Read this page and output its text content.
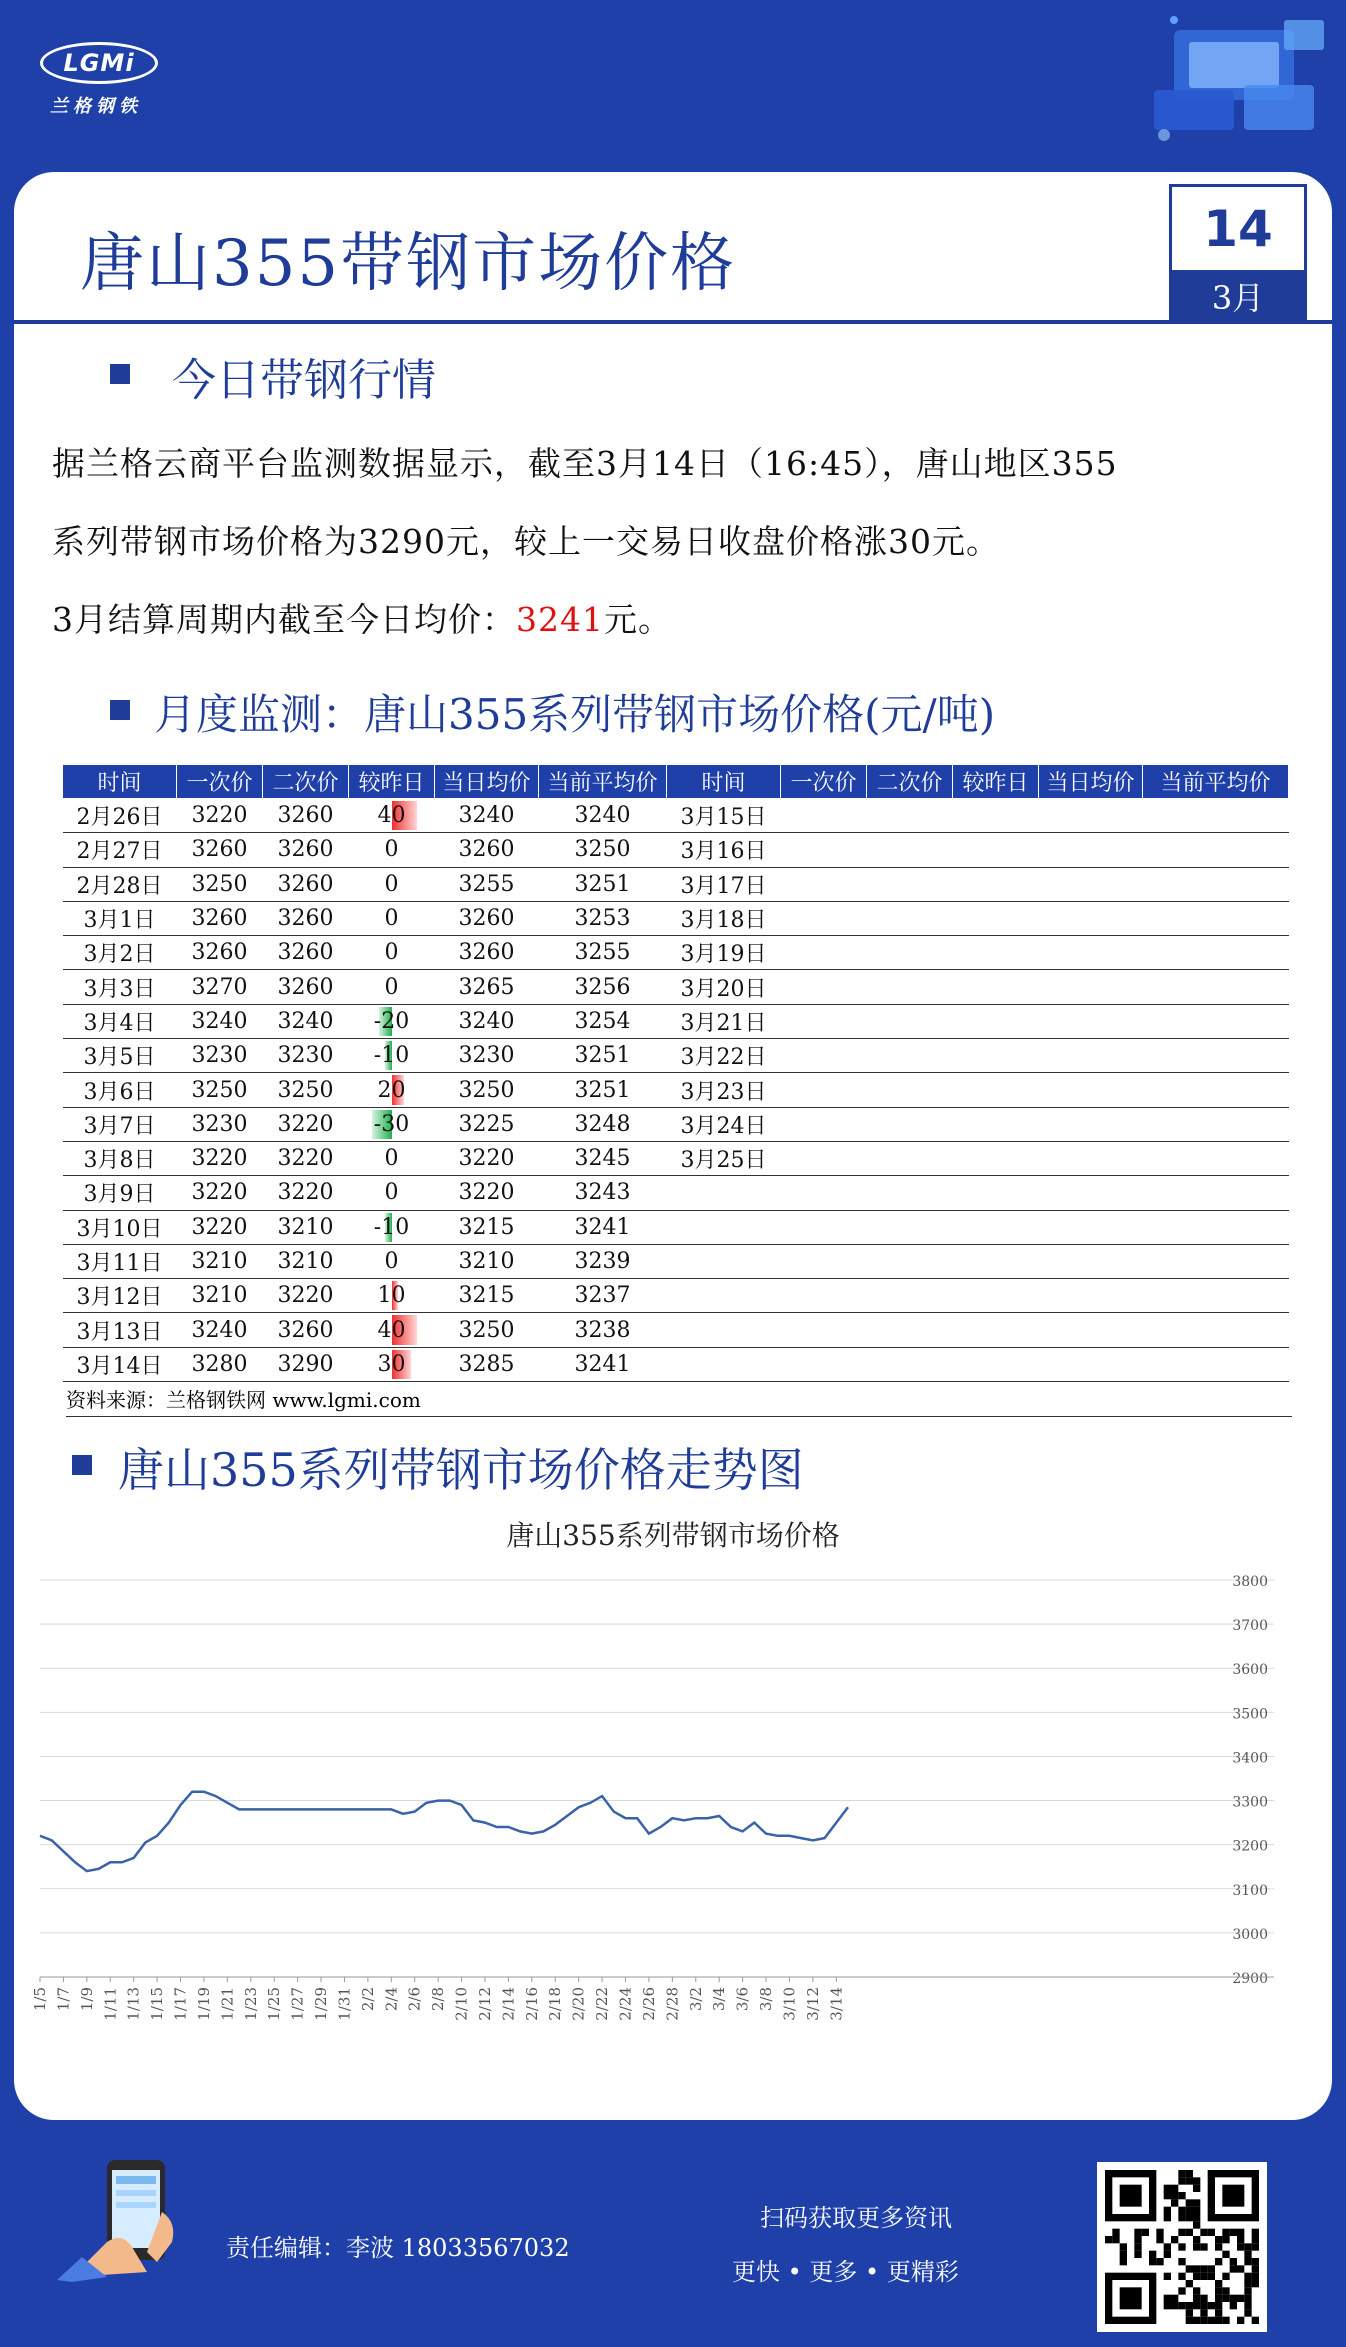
LGMi
兰格钢铁
唐山355带钢市场价格	14
3月
今日带钢行情
据兰格云商平台监测数据显示，截至3月14日（16:45），唐山地区355
系列带钢市场价格为3290元，较上一交易日收盘价格涨30元。
3月结算周期内截至今日均价：3241元。
月度监测：唐山355系列带钢市场价格(元/吨)
时间	一次价	二次价	较昨日	当日均价	当前平均价	时间	一次价	二次价	较昨日	当日均价	当前平均价
2月26日	3220	3260	40	3240	3240	3月15日					
2月27日	3260	3260	0	3260	3250	3月16日					
2月28日	3250	3260	0	3255	3251	3月17日					
3月1日	3260	3260	0	3260	3253	3月18日					
3月2日	3260	3260	0	3260	3255	3月19日					
3月3日	3270	3260	0	3265	3256	3月20日					
3月4日	3240	3240	-20	3240	3254	3月21日					
3月5日	3230	3230	-10	3230	3251	3月22日					
3月6日	3250	3250	20	3250	3251	3月23日					
3月7日	3230	3220	-30	3225	3248	3月24日					
3月8日	3220	3220	0	3220	3245	3月25日					
3月9日	3220	3220	0	3220	3243						
3月10日	3220	3210	-10	3215	3241						
3月11日	3210	3210	0	3210	3239						
3月12日	3210	3220	10	3215	3237						
3月13日	3240	3260	40	3250	3238						
3月14日	3280	3290	30	3285	3241						
资料来源：兰格钢铁网 www.lgmi.com
唐山355系列带钢市场价格走势图
唐山355系列带钢市场价格
2900
3000
3100
3200
3300
3400
3500
3600
3700
3800
1/5 1/7 1/9 1/11 1/13 1/15 1/17 1/19 1/21 1/23 1/25 1/27 1/29 1/31 2/2 2/4 2/6 2/8 2/10 2/12 2/14 2/16 2/18 2/20 2/22 2/24 2/26 2/28 3/2 3/4 3/6 3/8 3/10 3/12 3/14
责任编辑：李波 18033567032
扫码获取更多资讯
更快 • 更多 • 更精彩
